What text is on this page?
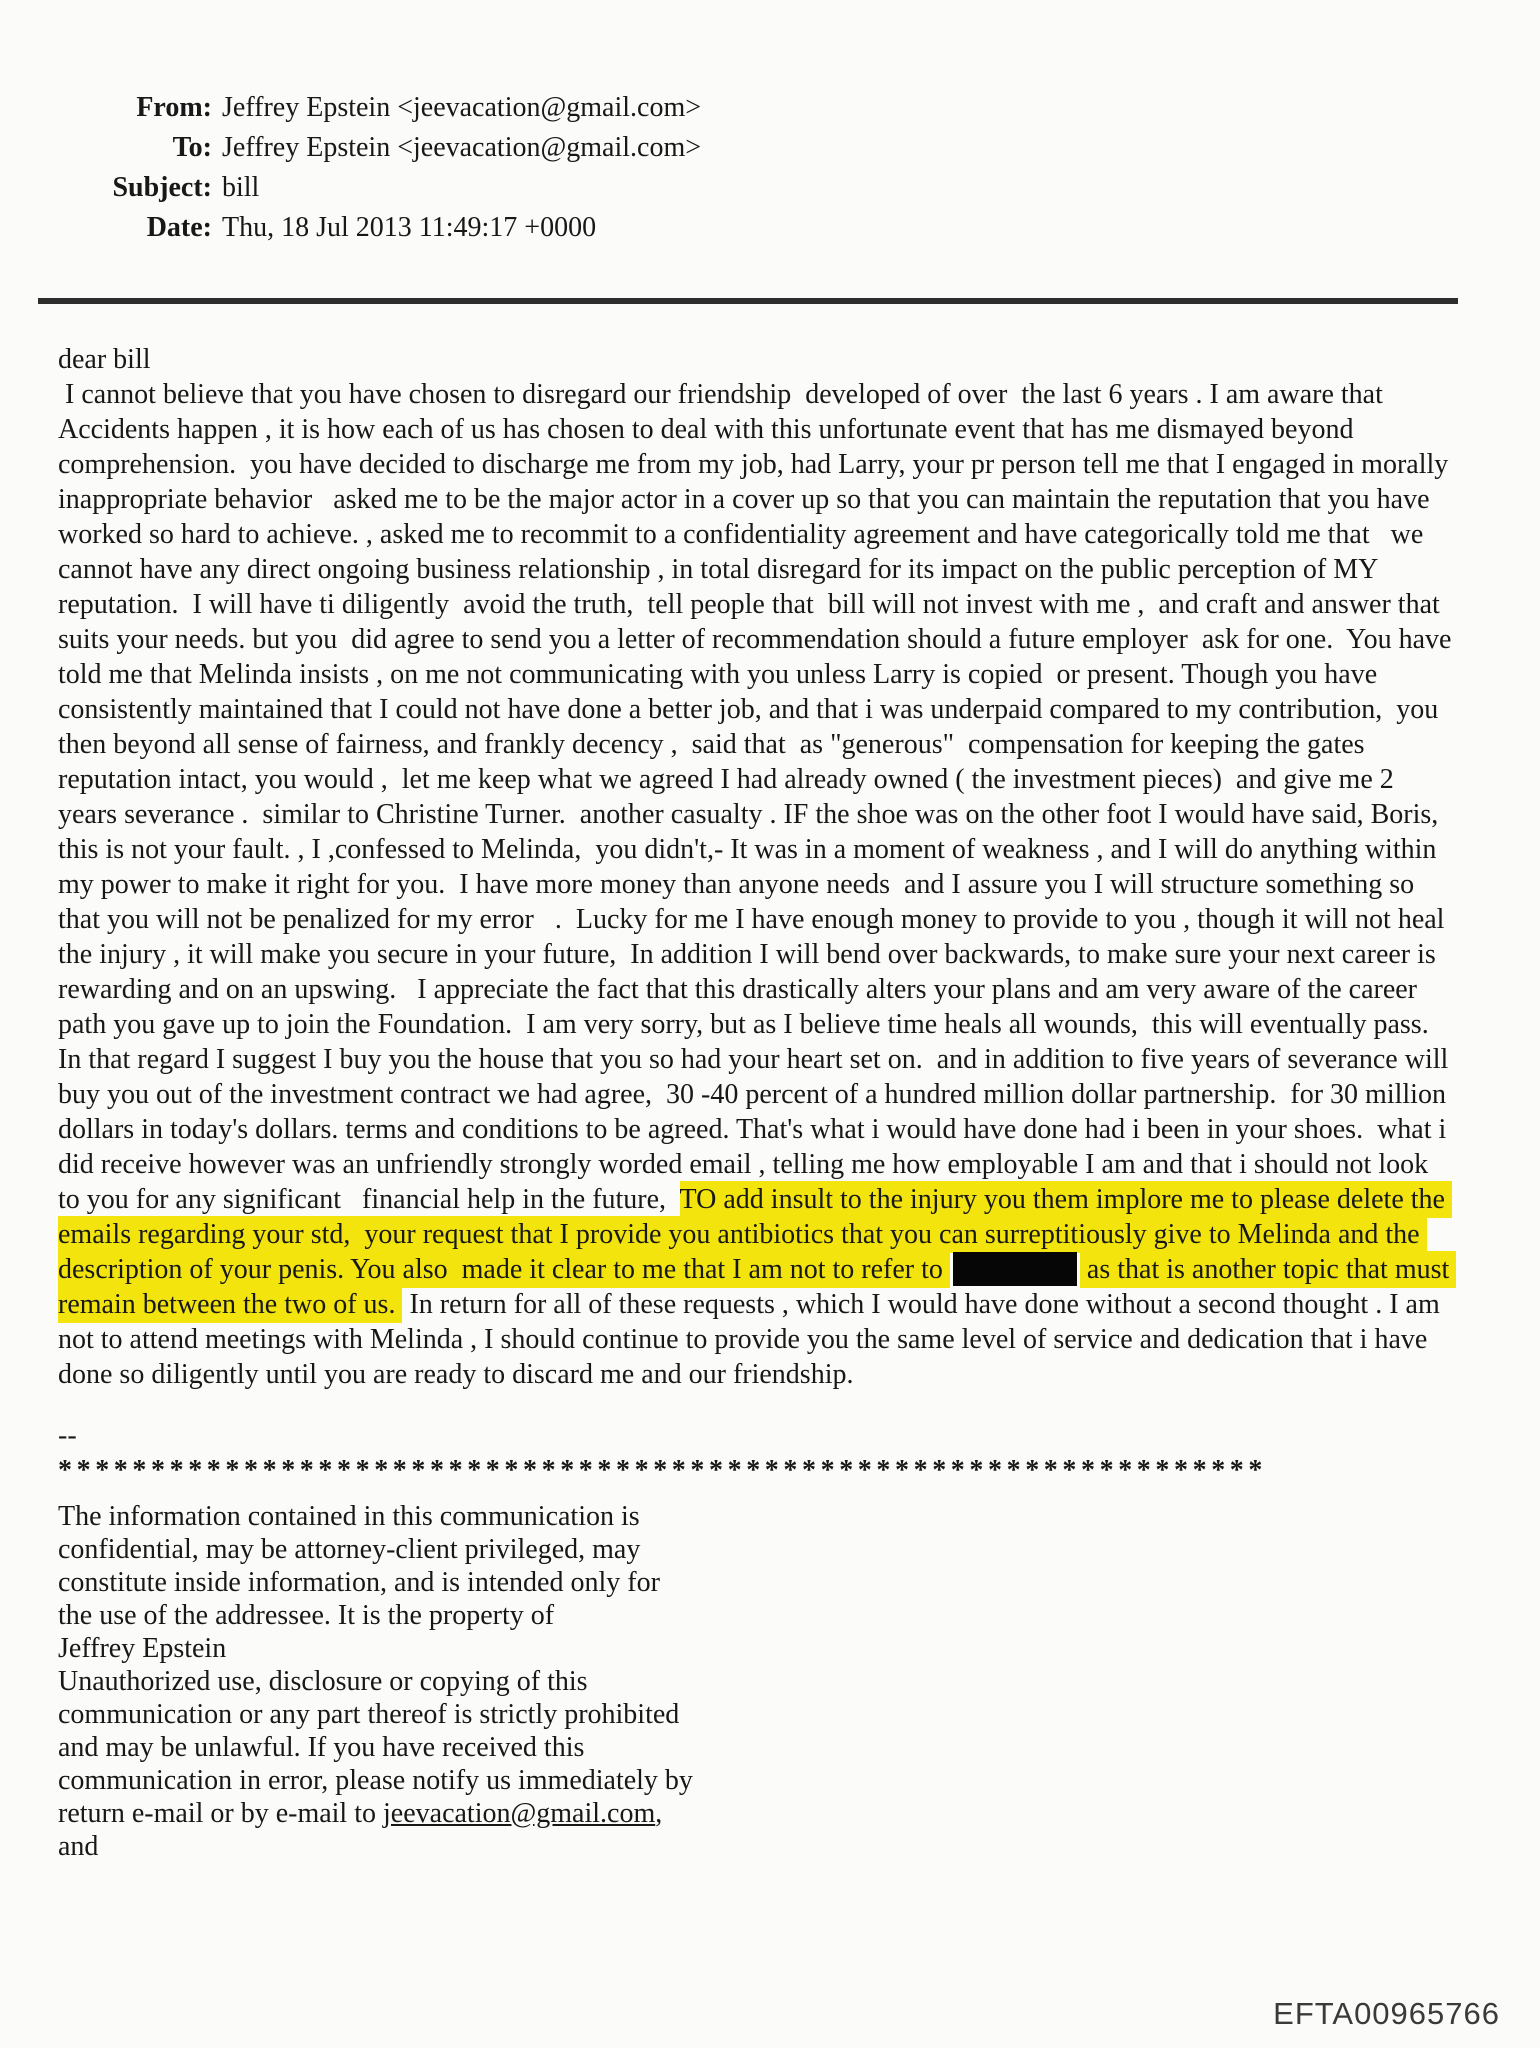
From: Jeffrey Epstein <jeevacation@gmail.com>
To: Jeffrey Epstein <jeevacation@gmail.com>
Subject: bill
Date: Thu, 18 Jul 2013 11:49:17 +0000
dear bill

I cannot believe that you have chosen to disregard our friendship  developed of over  the last 6 years . I am aware that Accidents happen , it is how each of us has chosen to deal with this unfortunate event that has me dismayed beyond comprehension.  you have decided to discharge me from my job, had Larry, your pr person tell me that I engaged in morally inappropriate behavior   asked me to be the major actor in a cover up so that you can maintain the reputation that you have worked so hard to achieve. , asked me to recommit to a confidentiality agreement and have categorically told me that   we cannot have any direct ongoing business relationship , in total disregard for its impact on the public perception of MY reputation.  I will have ti diligently  avoid the truth,  tell people that  bill will not invest with me ,  and craft and answer that suits your needs. but you  did agree to send you a letter of recommendation should a future employer  ask for one.  You have told me that Melinda insists , on me not communicating with you unless Larry is copied  or present. Though you have consistently maintained that I could not have done a better job, and that i was underpaid compared to my contribution,  you then beyond all sense of fairness, and frankly decency ,  said that  as "generous"  compensation for keeping the gates reputation intact, you would ,  let me keep what we agreed I had already owned ( the investment pieces)  and give me 2 years severance .  similar to Christine Turner.  another casualty . IF the shoe was on the other foot I would have said, Boris, this is not your fault. , I ,confessed to Melinda,  you didn't,- It was in a moment of weakness , and I will do anything within my power to make it right for you.  I have more money than anyone needs  and I assure you I will structure something so that you will not be penalized for my error   .  Lucky for me I have enough money to provide to you , though it will not heal the injury , it will make you secure in your future,  In addition I will bend over backwards, to make sure your next career is rewarding and on an upswing.   I appreciate the fact that this drastically alters your plans and am very aware of the career path you gave up to join the Foundation.  I am very sorry, but as I believe time heals all wounds,  this will eventually pass.  In that regard I suggest I buy you the house that you so had your heart set on.  and in addition to five years of severance will buy you out of the investment contract we had agree,  30 -40 percent of a hundred million dollar partnership.  for 30 million dollars in today's dollars. terms and conditions to be agreed. That's what i would have done had i been in your shoes.  what i did receive however was an unfriendly strongly worded email , telling me how employable I am and that i should not look to you for any significant   financial help in the future,  TO add insult to the injury you them implore me to please delete the emails regarding your std,  your request that I provide you antibiotics that you can surreptitiously give to Melinda and the description of your penis. You also  made it clear to me that I am not to refer to	as that is another topic that must remain between the two of us.  In return for all of these requests , which I would have done without a second thought . I am not to attend meetings with Melinda , I should continue to provide you the same level of service and dedication that i have done so diligently until you are ready to discard me and our friendship.

--
*****************************************************************
The information contained in this communication is
confidential, may be attorney-client privileged, may
constitute inside information, and is intended only for
the use of the addressee. It is the property of
Jeffrey Epstein
Unauthorized use, disclosure or copying of this
communication or any part thereof is strictly prohibited
and may be unlawful. If you have received this
communication in error, please notify us immediately by
return e-mail or by e-mail to jeevacation@gmail.com, and
EFTA00965766
